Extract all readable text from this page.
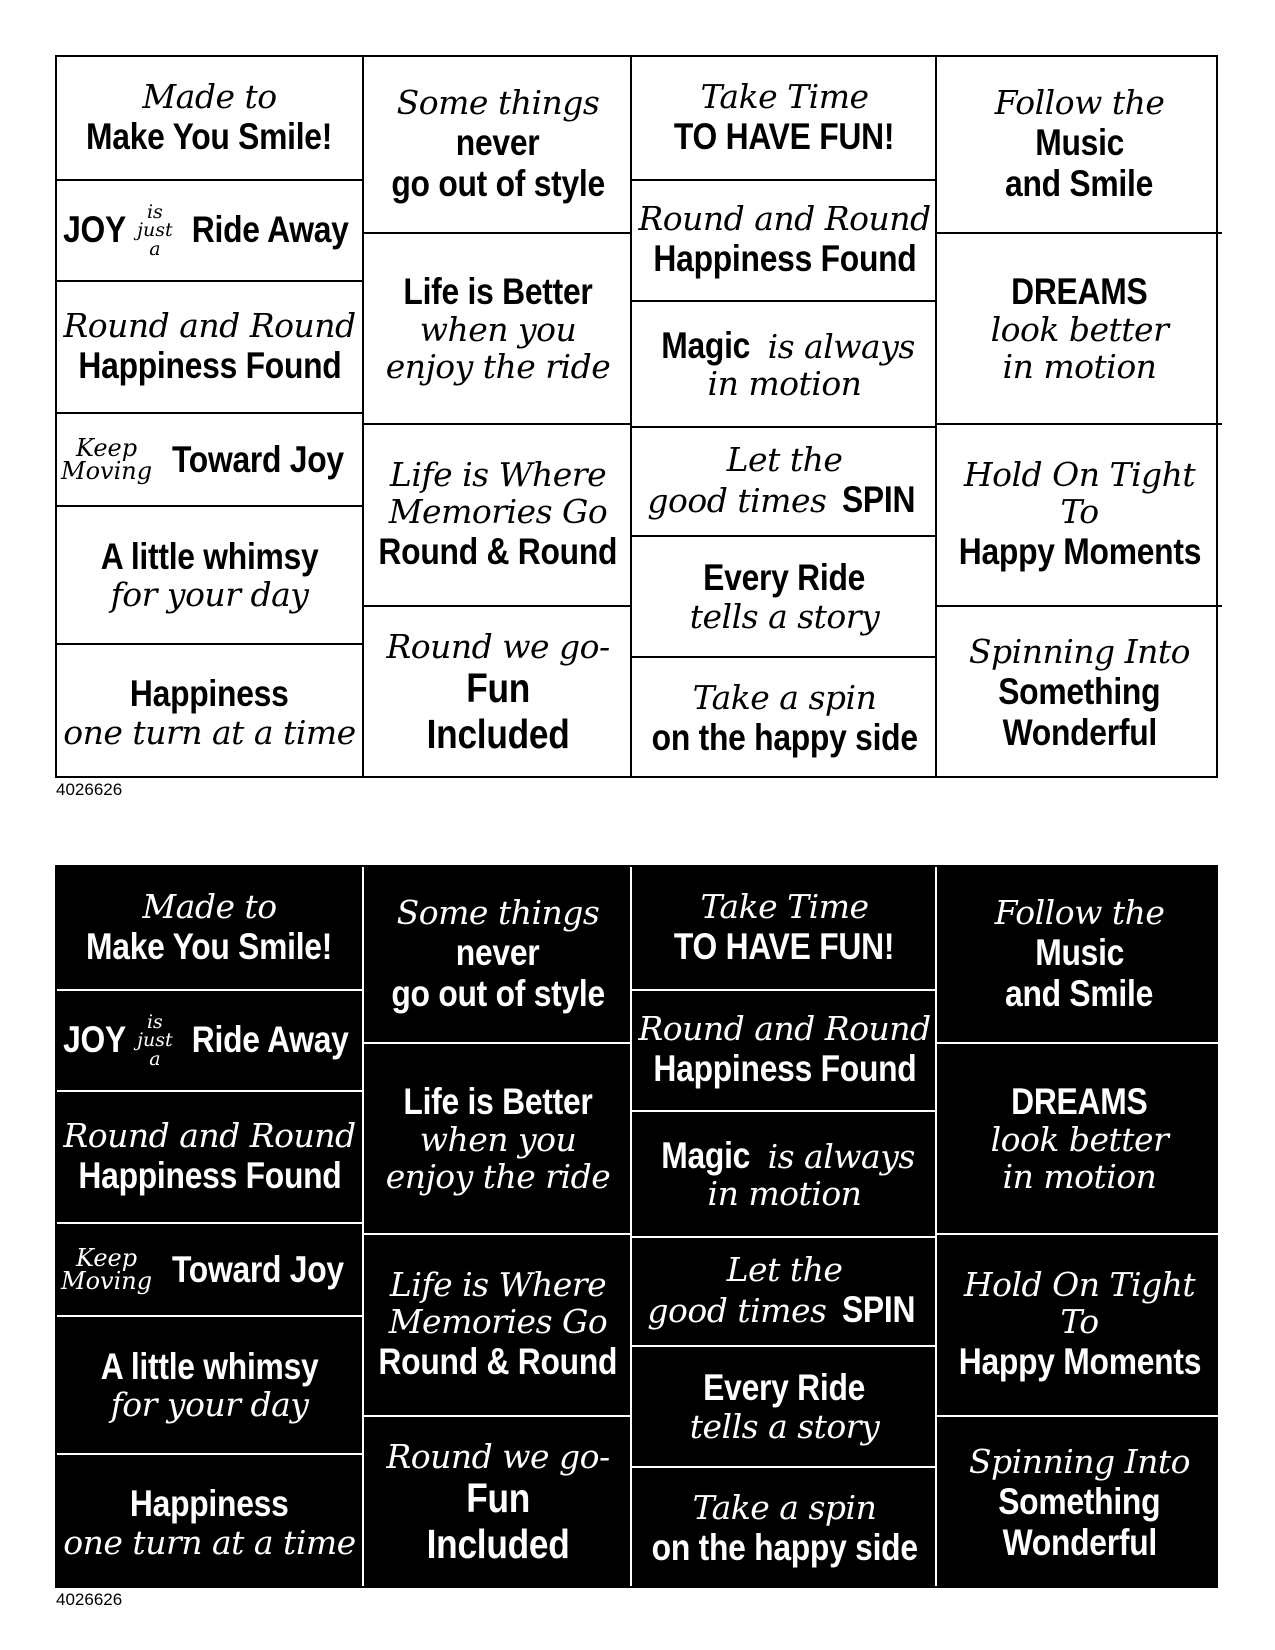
Made to
Make You Smile!
JOY is
just
a Ride Away
Round and Round
Happiness Found
Keep
Moving Toward Joy
A little whimsy
for your day
Happiness
one turn at a time
Some things
never
go out of style
Life is Better
when you
enjoy the ride
Life is Where
Memories Go
Round & Round
Round we go-
Fun
Included
Take Time
TO HAVE FUN!
Round and Round
Happiness Found
Magic is always
in motion
Let the
good times SPIN
Every Ride
tells a story
Take a spin
on the happy side
Follow the
Music
and Smile
DREAMS
look better
in motion
Hold On Tight
To
Happy Moments
Spinning Into
Something
Wonderful
4026626
Made to
Make You Smile!
JOY is
just
a Ride Away
Round and Round
Happiness Found
Keep
Moving Toward Joy
A little whimsy
for your day
Happiness
one turn at a time
Some things
never
go out of style
Life is Better
when you
enjoy the ride
Life is Where
Memories Go
Round & Round
Round we go-
Fun
Included
Take Time
TO HAVE FUN!
Round and Round
Happiness Found
Magic is always
in motion
Let the
good times SPIN
Every Ride
tells a story
Take a spin
on the happy side
Follow the
Music
and Smile
DREAMS
look better
in motion
Hold On Tight
To
Happy Moments
Spinning Into
Something
Wonderful
4026626
